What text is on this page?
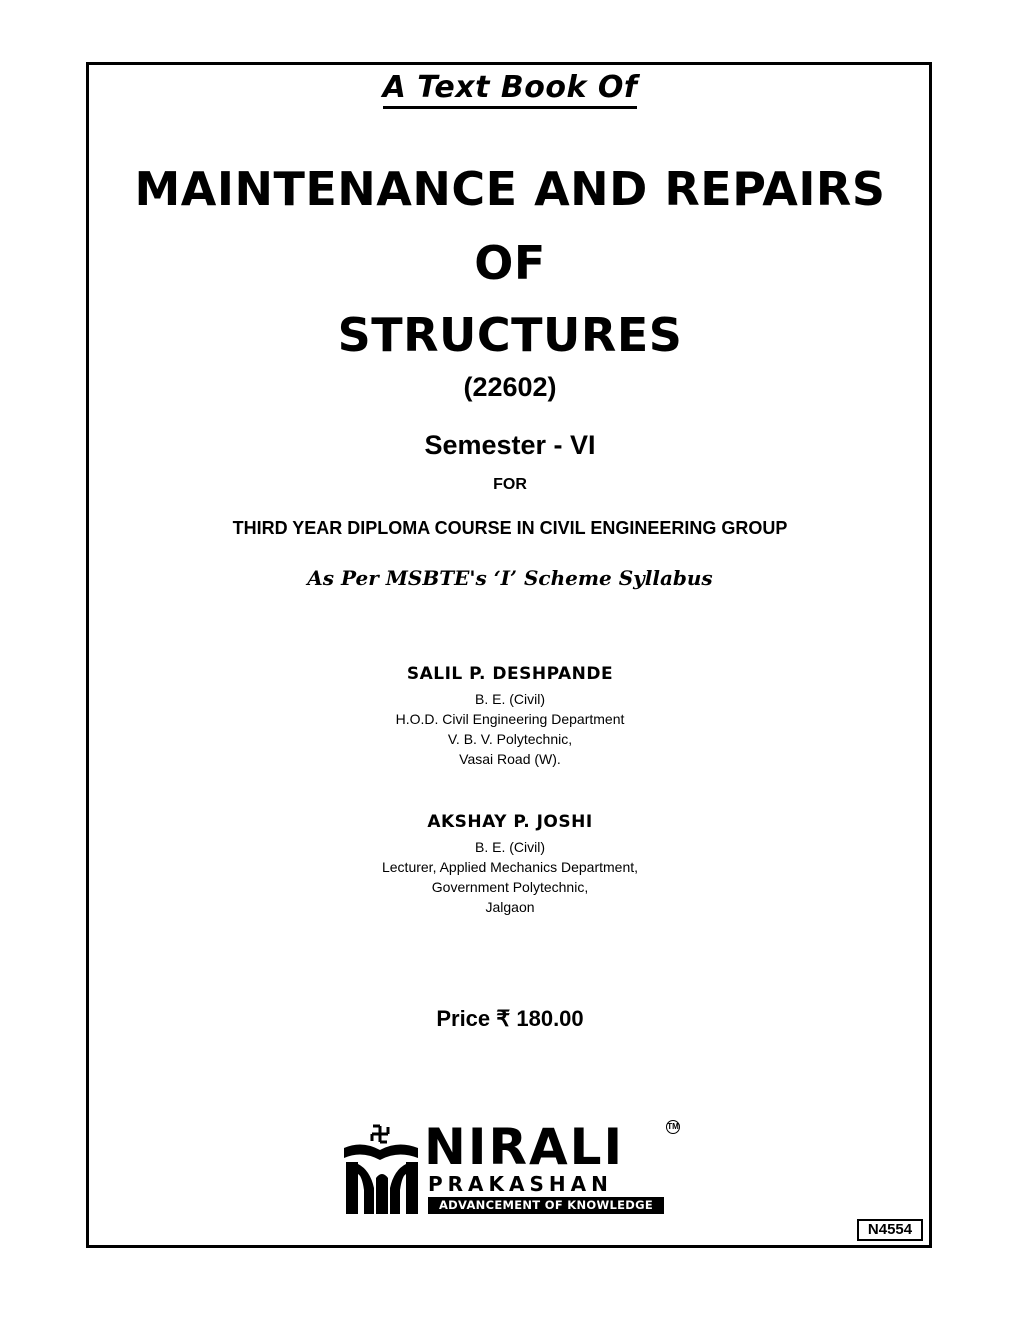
A Text Book Of
MAINTENANCE AND REPAIRS
OF
STRUCTURES
(22602)
Semester - VI
FOR
THIRD YEAR DIPLOMA COURSE IN CIVIL ENGINEERING GROUP
As Per MSBTE's ‘I’ Scheme Syllabus
SALIL P. DESHPANDE
B. E. (Civil)
H.O.D. Civil Engineering Department
V. B. V. Polytechnic,
Vasai Road (W).
AKSHAY P. JOSHI
B. E. (Civil)
Lecturer, Applied Mechanics Department,
Government Polytechnic,
Jalgaon
Price ₹ 180.00
NIRALI
PRAKASHAN
ADVANCEMENT OF KNOWLEDGE
TM
N4554
